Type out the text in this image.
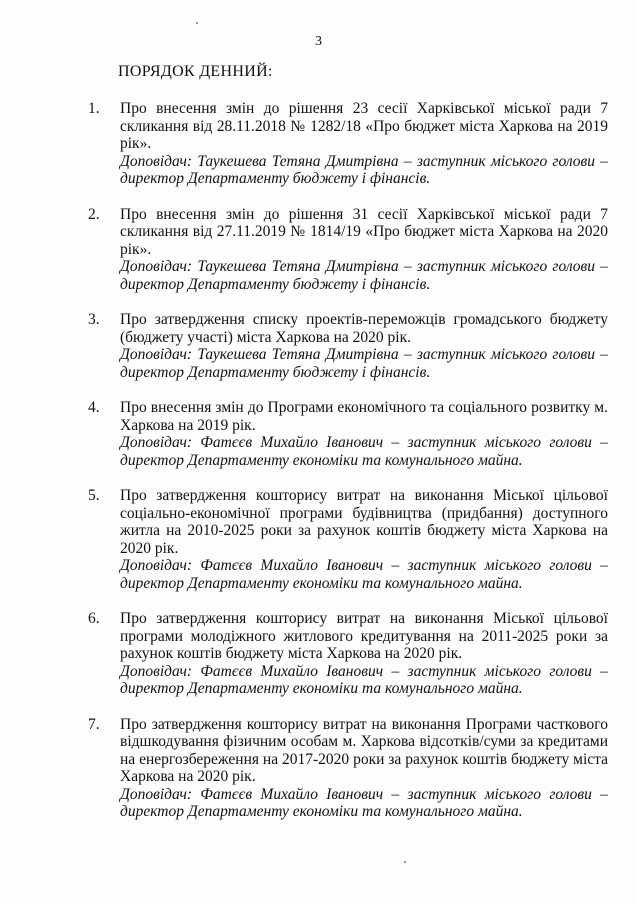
3
ПОРЯДОК ДЕННИЙ:
1.	Про внесення змін до рішення 23 сесії Харківської міської ради 7 скликання від 28.11.2018 № 1282/18 «Про бюджет міста Харкова на 2019 рік».
Доповідач: Таукешева Тетяна Дмитрівна – заступник міського голови – директор Департаменту бюджету і фінансів.
2.	Про внесення змін до рішення 31 сесії Харківської міської ради 7 скликання від 27.11.2019 № 1814/19 «Про бюджет міста Харкова на 2020 рік».
Доповідач: Таукешева Тетяна Дмитрівна – заступник міського голови – директор Департаменту бюджету і фінансів.
3.	Про затвердження списку проектів-переможців громадського бюджету (бюджету участі) міста Харкова на 2020 рік.
Доповідач: Таукешева Тетяна Дмитрівна – заступник міського голови – директор Департаменту бюджету і фінансів.
4.	Про внесення змін до Програми економічного та соціального розвитку м. Харкова на 2019 рік.
Доповідач: Фатєєв Михайло Іванович – заступник міського голови – директор Департаменту економіки та комунального майна.
5.	Про затвердження кошторису витрат на виконання Міської цільової соціально-економічної програми будівництва (придбання) доступного житла на 2010-2025 роки за рахунок коштів бюджету міста Харкова на 2020 рік.
Доповідач: Фатєєв Михайло Іванович – заступник міського голови – директор Департаменту економіки та комунального майна.
6.	Про затвердження кошторису витрат на виконання Міської цільової програми молодіжного житлового кредитування на 2011-2025 роки за рахунок коштів бюджету міста Харкова на 2020 рік.
Доповідач: Фатєєв Михайло Іванович – заступник міського голови – директор Департаменту економіки та комунального майна.
7.	Про затвердження кошторису витрат на виконання Програми часткового відшкодування фізичним особам м. Харкова відсотків/суми за кредитами на енергозбереження на 2017-2020 роки за рахунок коштів бюджету міста Харкова на 2020 рік.
Доповідач: Фатєєв Михайло Іванович – заступник міського голови – директор Департаменту економіки та комунального майна.
